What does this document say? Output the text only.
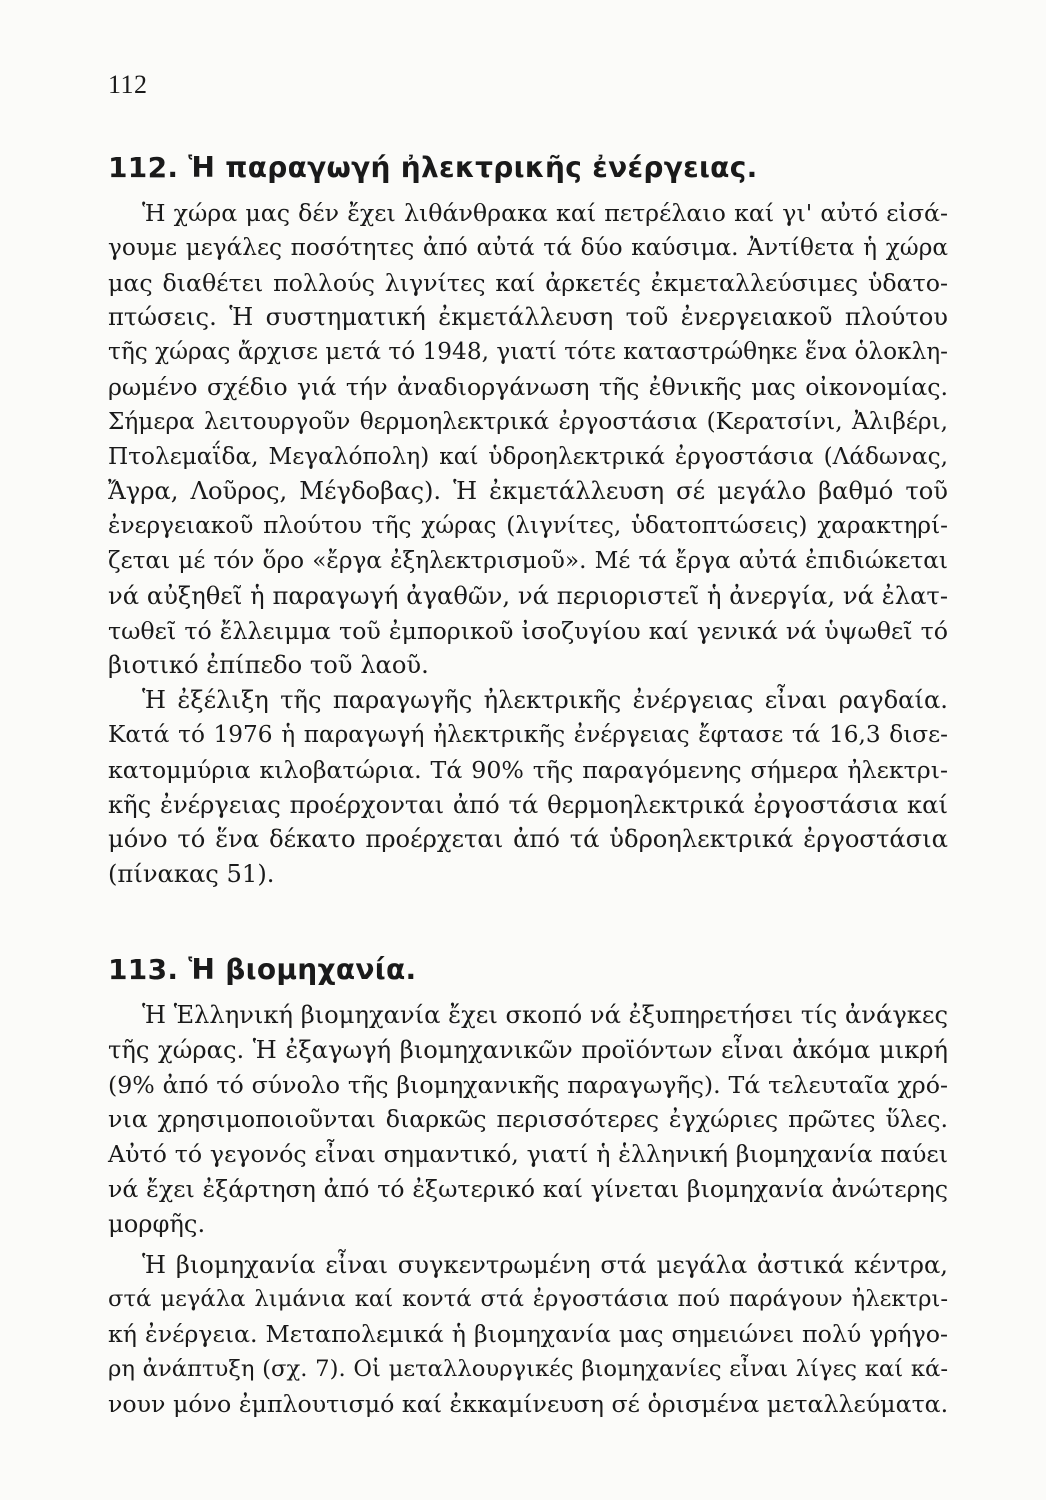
112
112. Ἡ παραγωγή ἠλεκτρικῆς ἐνέργειας.

Ἡ χώρα μας δέν ἔχει λιθάνθρακα καί πετρέλαιο καί γι' αὐτό εἰσά-
γουμε μεγάλες ποσότητες ἀπό αὐτά τά δύο καύσιμα. Ἀντίθετα ἡ χώρα
μας διαθέτει πολλούς λιγνίτες καί ἀρκετές ἐκμεταλλεύσιμες ὑδατο-
πτώσεις. Ἡ συστηματική ἐκμετάλλευση τοῦ ἐνεργειακοῦ πλούτου
τῆς χώρας ἄρχισε μετά τό 1948, γιατί τότε καταστρώθηκε ἕνα ὁλοκλη-
ρωμένο σχέδιο γιά τήν ἀναδιοργάνωση τῆς ἐθνικῆς μας οἰκονομίας.
Σήμερα λειτουργοῦν θερμοηλεκτρικά ἐργοστάσια (Κερατσίνι, Ἀλιβέρι,
Πτολεμαΐδα, Μεγαλόπολη) καί ὑδροηλεκτρικά ἐργοστάσια (Λάδωνας,
Ἄγρα, Λοῦρος, Μέγδοβας). Ἡ ἐκμετάλλευση σέ μεγάλο βαθμό τοῦ
ἐνεργειακοῦ πλούτου τῆς χώρας (λιγνίτες, ὑδατοπτώσεις) χαρακτηρί-
ζεται μέ τόν ὅρο «ἔργα ἐξηλεκτρισμοῦ». Μέ τά ἔργα αὐτά ἐπιδιώκεται
νά αὐξηθεῖ ἡ παραγωγή ἀγαθῶν, νά περιοριστεῖ ἡ ἀνεργία, νά ἐλατ-
τωθεῖ τό ἔλλειμμα τοῦ ἐμπορικοῦ ἰσοζυγίου καί γενικά νά ὑψωθεῖ τό
βιοτικό ἐπίπεδο τοῦ λαοῦ.

Ἡ ἐξέλιξη τῆς παραγωγῆς ἠλεκτρικῆς ἐνέργειας εἶναι ραγδαία.
Κατά τό 1976 ἡ παραγωγή ἠλεκτρικῆς ἐνέργειας ἔφτασε τά 16,3 δισε-
κατομμύρια κιλοβατώρια. Τά 90% τῆς παραγόμενης σήμερα ἠλεκτρι-
κῆς ἐνέργειας προέρχονται ἀπό τά θερμοηλεκτρικά ἐργοστάσια καί
μόνο τό ἕνα δέκατο προέρχεται ἀπό τά ὑδροηλεκτρικά ἐργοστάσια
(πίνακας 51).

113. Ἡ βιομηχανία.

Ἡ Ἑλληνική βιομηχανία ἔχει σκοπό νά ἐξυπηρετήσει τίς ἀνάγκες
τῆς χώρας. Ἡ ἐξαγωγή βιομηχανικῶν προϊόντων εἶναι ἀκόμα μικρή
(9% ἀπό τό σύνολο τῆς βιομηχανικῆς παραγωγῆς). Τά τελευταῖα χρό-
νια χρησιμοποιοῦνται διαρκῶς περισσότερες ἐγχώριες πρῶτες ὕλες.
Αὐτό τό γεγονός εἶναι σημαντικό, γιατί ἡ ἑλληνική βιομηχανία παύει
νά ἔχει ἐξάρτηση ἀπό τό ἐξωτερικό καί γίνεται βιομηχανία ἀνώτερης
μορφῆς.

Ἡ βιομηχανία εἶναι συγκεντρωμένη στά μεγάλα ἀστικά κέντρα,
στά μεγάλα λιμάνια καί κοντά στά ἐργοστάσια πού παράγουν ἠλεκτρι-
κή ἐνέργεια. Μεταπολεμικά ἡ βιομηχανία μας σημειώνει πολύ γρήγο-
ρη ἀνάπτυξη (σχ. 7). Οἱ μεταλλουργικές βιομηχανίες εἶναι λίγες καί κά-
νουν μόνο ἐμπλουτισμό καί ἐκκαμίνευση σέ ὁρισμένα μεταλλεύματα.
